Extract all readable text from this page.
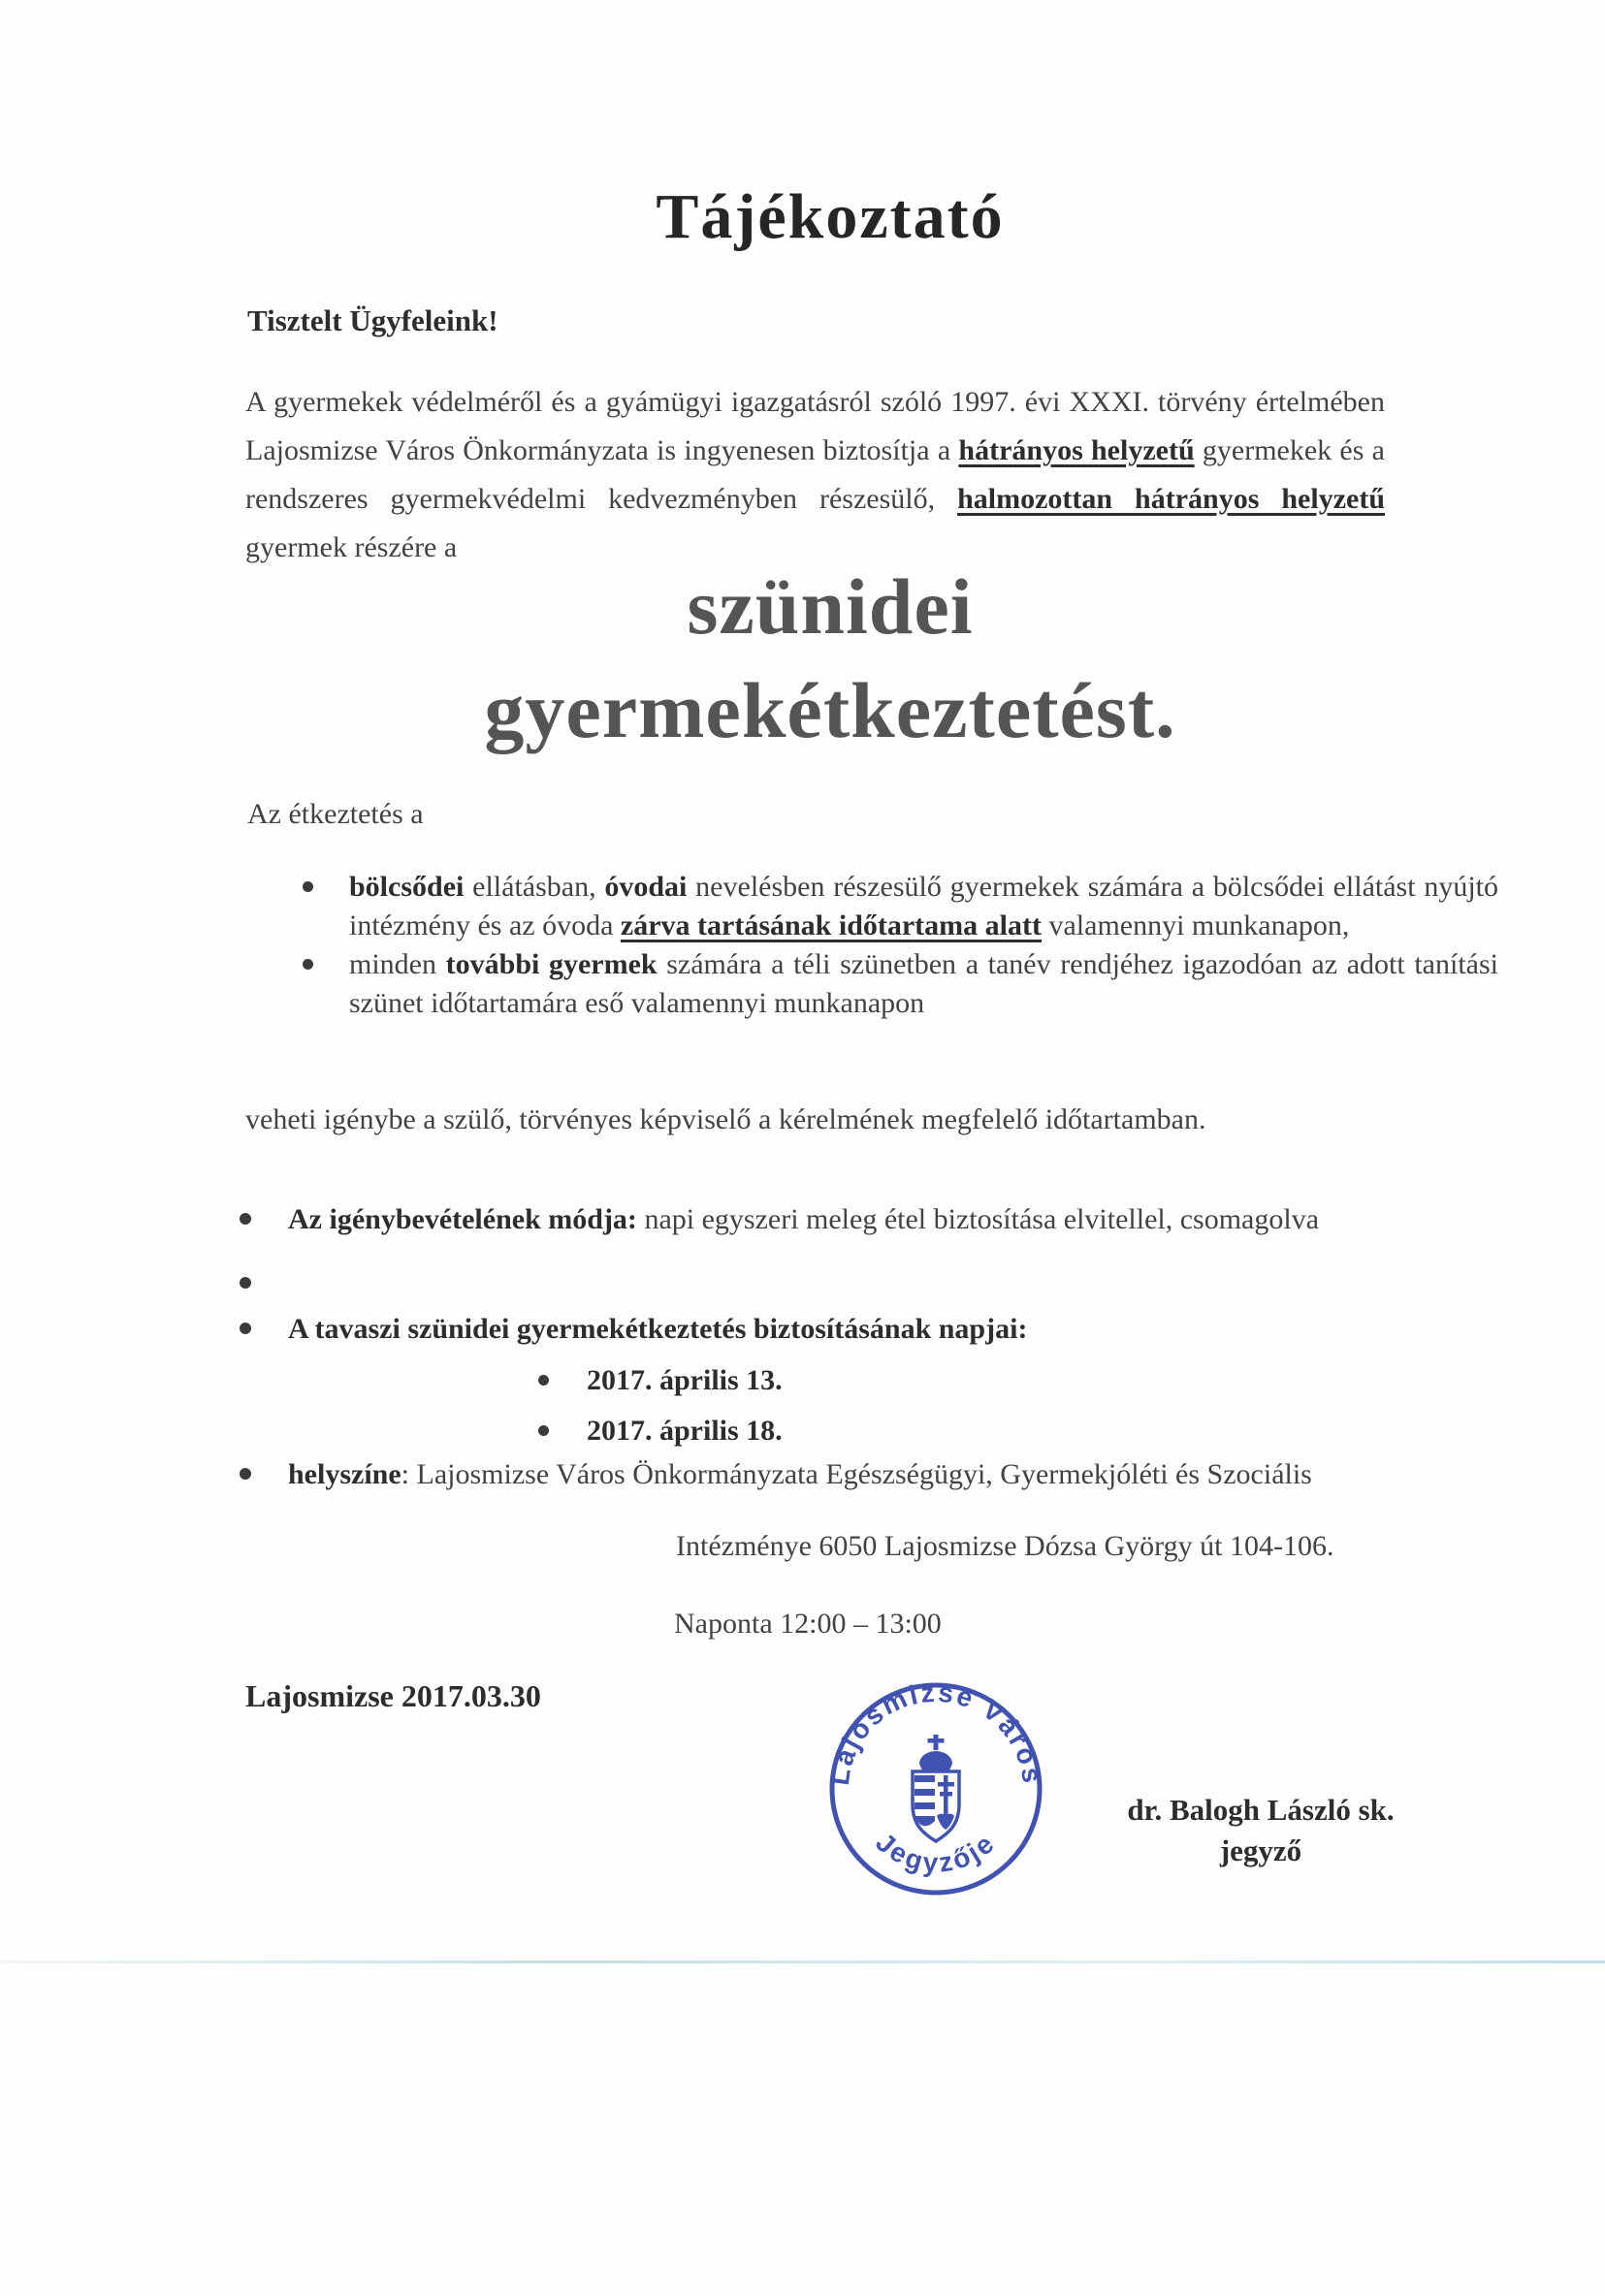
Tájékoztató

Tisztelt Ügyfeleink!

A gyermekek védelméről és a gyámügyi igazgatásról szóló 1997. évi XXXI. törvény értelmében Lajosmizse Város Önkormányzata is ingyenesen biztosítja a hátrányos helyzetű gyermekek és a rendszeres gyermekvédelmi kedvezményben részesülő, halmozottan hátrányos helyzetű gyermek részére a

szünidei
gyermekétkeztetést.

Az étkeztetés a

bölcsődei ellátásban, óvodai nevelésben részesülő gyermekek számára a bölcsődei ellátást nyújtó intézmény és az óvoda zárva tartásának időtartama alatt valamennyi munkanapon,
minden további gyermek számára a téli szünetben a tanév rendjéhez igazodóan az adott tanítási szünet időtartamára eső valamennyi munkanapon

veheti igénybe a szülő, törvényes képviselő a kérelmének megfelelő időtartamban.

Az igénybevételének módja: napi egyszeri meleg étel biztosítása elvitellel, csomagolva
A tavaszi szünidei gyermekétkeztetés biztosításának napjai:
2017. április 13.
2017. április 18.
helyszíne: Lajosmizse Város Önkormányzata Egészségügyi, Gyermekjóléti és Szociális

Intézménye 6050 Lajosmizse Dózsa György út 104-106.

Naponta 12:00 – 13:00

Lajosmizse 2017.03.30

Lajosmizse Város
Jegyzője
dr. Balogh László sk.
jegyző
